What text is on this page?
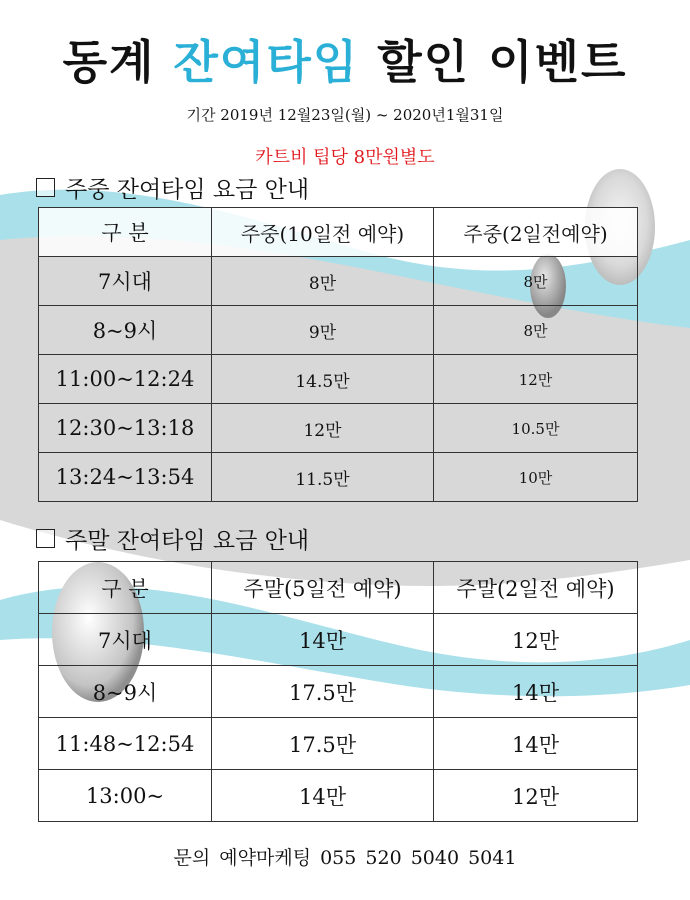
동계 잔여타임 할인 이벤트
기간 2019년 12월23일(월) ~ 2020년1월31일
카트비 팁당 8만원별도
주중 잔여타임 요금 안내
구 분	주중(10일전 예약)	주중(2일전예약)
7시대	8만	8만
8~9시	9만	8만
11:00~12:24	14.5만	12만
12:30~13:18	12만	10.5만
13:24~13:54	11.5만	10만
주말 잔여타임 요금 안내
구 분	주말(5일전 예약)	주말(2일전 예약)
7시대	14만	12만
8~9시	17.5만	14만
11:48~12:54	17.5만	14만
13:00~	14만	12만
문의 예약마케팅 055 520 5040 5041
